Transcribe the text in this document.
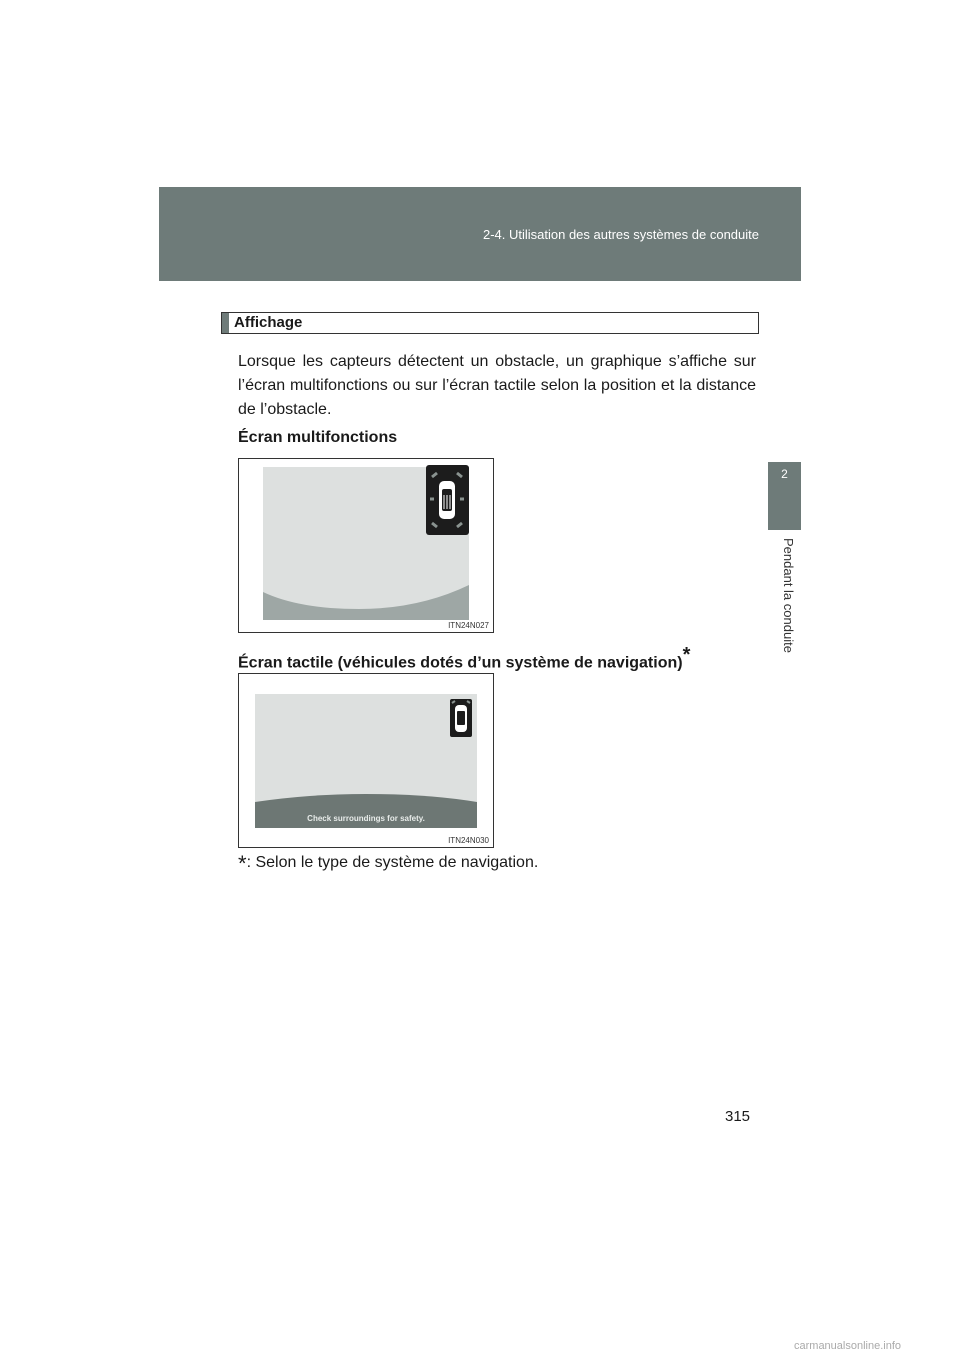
2-4. Utilisation des autres systèmes de conduite
2
Pendant la conduite
Affichage
Lorsque les capteurs détectent un obstacle, un graphique s’affiche sur l’écran multifonctions ou sur l’écran tactile selon la position et la distance de l’obstacle.
Écran multifonctions
ITN24N027
Écran tactile (véhicules dotés d’un système de navigation)*
Check surroundings for safety.
ITN24N030
*: Selon le type de système de navigation.
315
carmanualsonline.info
